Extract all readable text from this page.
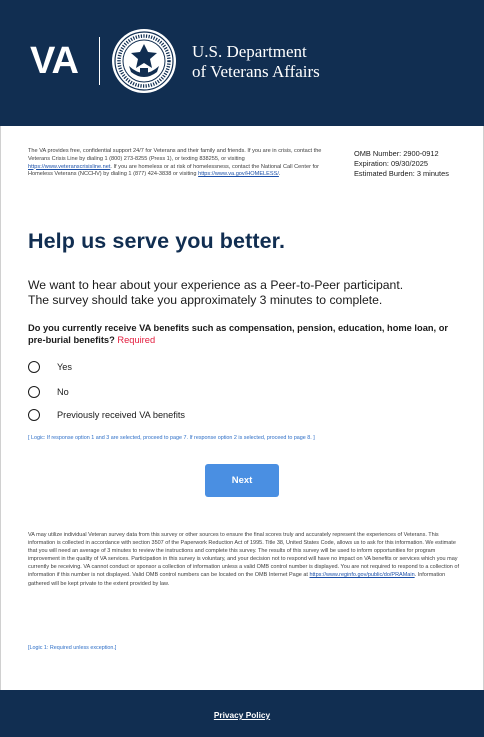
VA	U.S. Department
of Veterans Affairs
The VA provides free, confidential support 24/7 for Veterans and their family and friends. If you are in crisis, contact the Veterans Crisis Line by dialing 1 (800) 273-8255 (Press 1), or texting 838255, or visiting https://www.veteranscrisisline.net. If you are homeless or at risk of homelessness, contact the National Call Center for Homeless Veterans (NCCHV) by dialing 1 (877) 424-3838 or visiting https://www.va.gov/HOMELESS/.
OMB Number: 2900-0912
Expiration: 09/30/2025
Estimated Burden: 3 minutes
Help us serve you better.
We want to hear about your experience as a Peer-to-Peer participant.
The survey should take you approximately 3 minutes to complete.
Do you currently receive VA benefits such as compensation, pension, education, home loan, or pre-burial benefits? Required
Yes
No
Previously received VA benefits
[ Logic: If response option 1 and 3 are selected, proceed to page 7. If response option 2 is selected, proceed to page 8. ]
Next
VA may utilize individual Veteran survey data from this survey or other sources to ensure the final scores truly and accurately represent the experiences of Veterans. This information is collected in accordance with section 3507 of the Paperwork Reduction Act of 1995. Title 38, United States Code, allows us to ask for this information. We estimate that you will need an average of 3 minutes to review the instructions and complete this survey. The results of this survey will be used to inform opportunities for program improvement in the quality of VA services. Participation in this survey is voluntary, and your decision not to respond will have no impact on VA benefits or services which you may currently be receiving. VA cannot conduct or sponsor a collection of information unless a valid OMB control number is displayed. You are not required to respond to a collection of information if this number is not displayed. Valid OMB control numbers can be located on the OMB Internet Page at https://www.reginfo.gov/public/do/PRAMain. Information gathered will be kept private to the extent provided by law.
[Logic 1: Required unless exception.]
Privacy Policy
